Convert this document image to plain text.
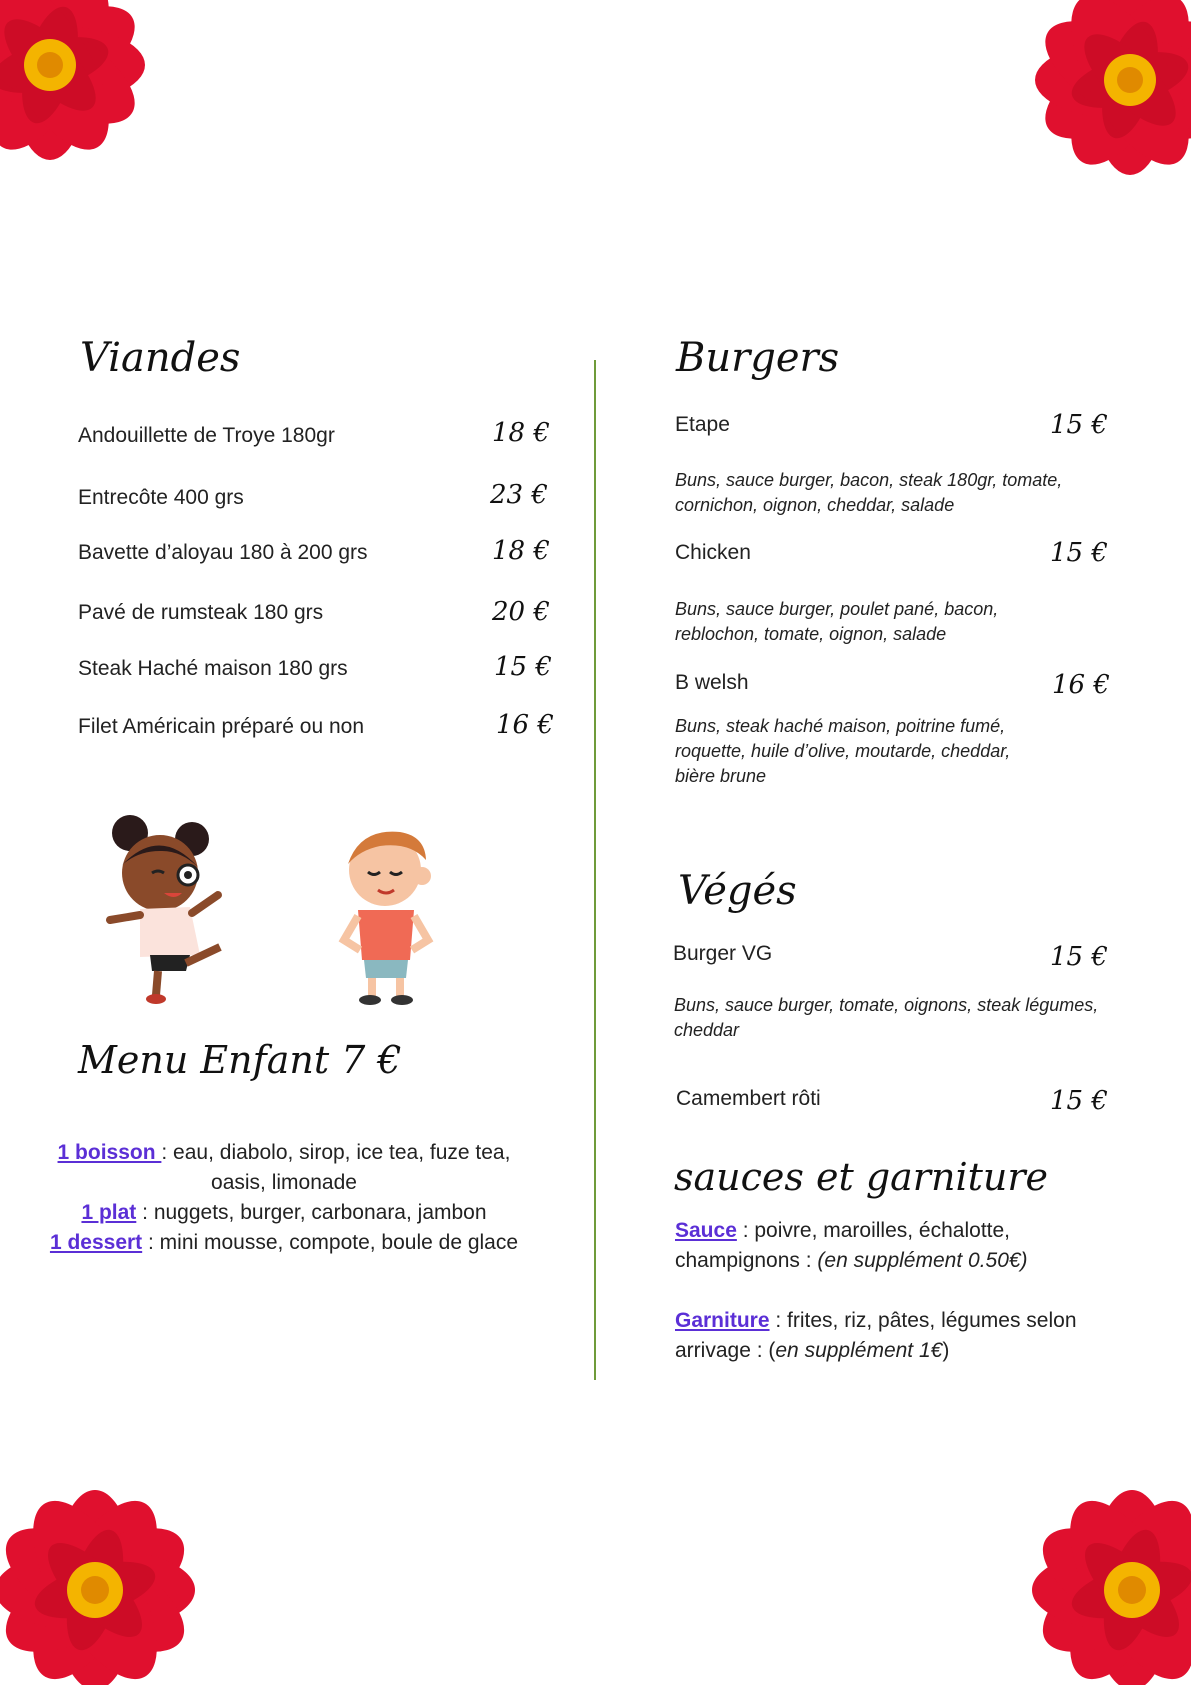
Viandes
Andouillette de Troye 180gr	18 €
Entrecôte 400 grs	23 €
Bavette d’aloyau 180 à 200 grs	18 €
Pavé de rumsteak 180 grs	20 €
Steak Haché maison 180 grs	15 €
Filet Américain préparé ou non	16 €
Menu Enfant 7 €
1 boisson : eau, diabolo, sirop, ice tea, fuze tea, oasis, limonade
1 plat : nuggets, burger, carbonara, jambon
1 dessert : mini mousse, compote, boule de glace
Burgers
Etape	15 €
Buns, sauce burger, bacon, steak 180gr, tomate, cornichon, oignon, cheddar, salade
Chicken	15 €
Buns, sauce burger, poulet pané, bacon, reblochon, tomate, oignon, salade
B welsh	16 €
Buns, steak haché maison, poitrine fumé, roquette, huile d’olive, moutarde, cheddar, bière brune
Végés
Burger VG	15 €
Buns, sauce burger, tomate, oignons, steak légumes, cheddar
Camembert rôti	15 €
sauces et garniture
Sauce : poivre, maroilles, échalotte, champignons : (en supplément 0.50€)
Garniture : frites, riz, pâtes, légumes selon arrivage : (en supplément 1€)
